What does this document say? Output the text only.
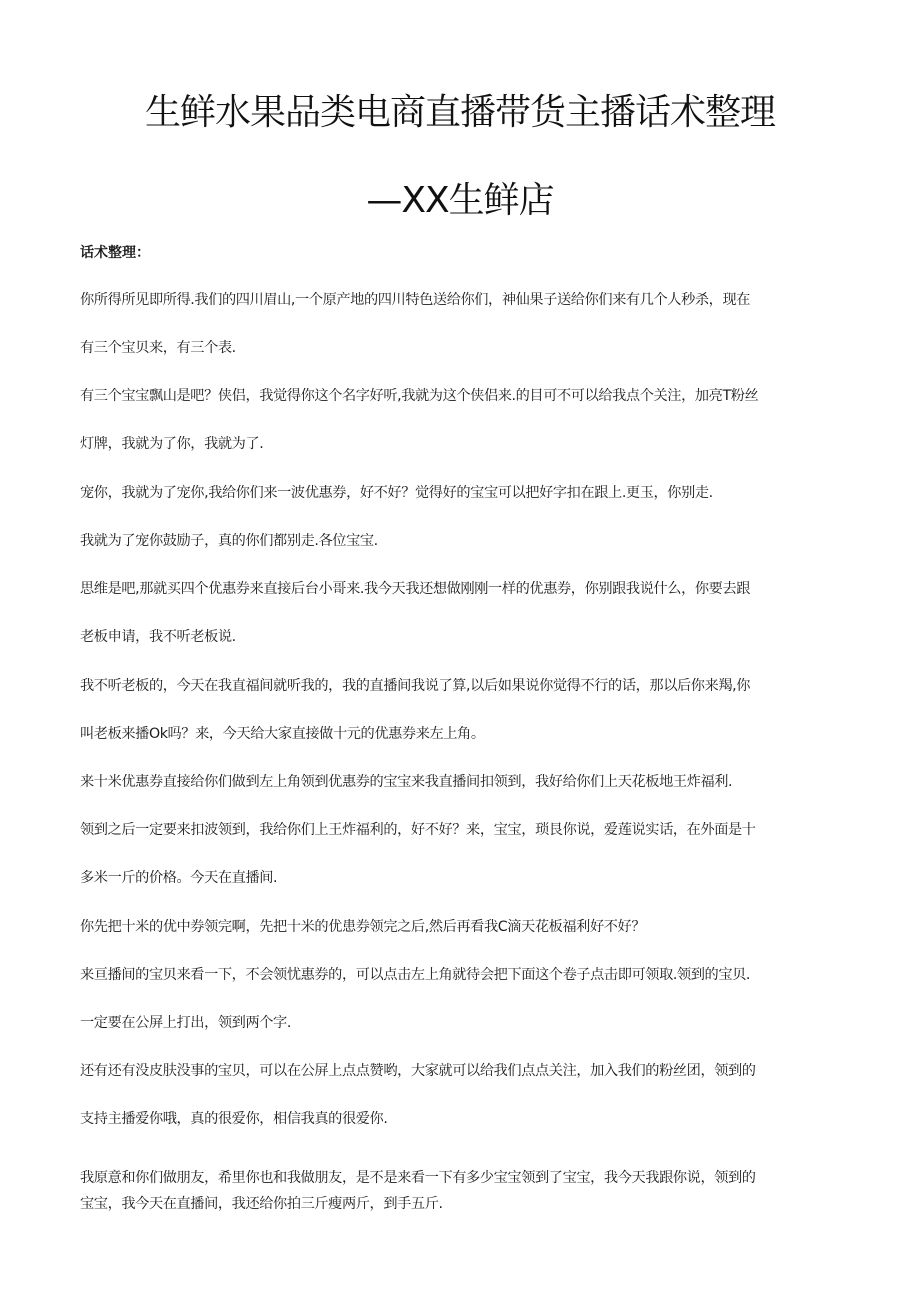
生鲜水果品类电商直播带货主播话术整理
—XX生鲜店

话术整理：

你所得所见即所得.我们的四川眉山,一个原产地的四川特色送给你们，神仙果子送给你们来有几个人秒杀，现在
有三个宝贝来，有三个表.

有三个宝宝飘山是吧？侠侣，我觉得你这个名字好听,我就为这个侠侣来.的目可不可以给我点个关注，加亮T粉丝
灯牌，我就为了你，我就为了.

宠你，我就为了宠你,我给你们来一波优惠券，好不好？觉得好的宝宝可以把好字扣在跟上.更玉，你别走.

我就为了宠你鼓励子，真的你们都别走.各位宝宝.

思维是吧,那就买四个优惠券来直接后台小哥来.我今天我还想做刚刚一样的优惠券，你别跟我说什么，你要去跟
老板申请，我不听老板说.

我不听老板的，今天在我直福间就听我的，我的直播间我说了算,以后如果说你觉得不行的话，那以后你来羯,你
叫老板来播Ok吗？来，今天给大家直接做十元的优惠券来左上角。

来十米优惠券直接给你们做到左上角领到优惠券的宝宝来我直播间扣领到，我好给你们上天花板地王炸福利.

领到之后一定要来扣波领到，我给你们上王炸福利的，好不好？来，宝宝，琐艮你说，爱莲说实话，在外面是十
多米一斤的价格。今天在直播间.

你先把十米的优中券领完啊，先把十米的优患券领完之后,然后再看我C滴天花板福利好不好？

来亘播间的宝贝来看一下，不会领忧惠券的，可以点击左上角就待会把下面这个卷子点击即可领取.领到的宝贝.

一定要在公屏上打出，领到两个字.

还有还有没皮肤没事的宝贝，可以在公屏上点点赞哟，大家就可以给我们点点关注，加入我们的粉丝团，领到的
支持主播爱你哦，真的很爱你，相信我真的很爱你.

我原意和你们做朋友，希里你也和我做朋友，是不是来看一下有多少宝宝领到了宝宝，我今天我跟你说，领到的
宝宝，我今天在直播间，我还给你拍三斤瘦两斤，到手五斤.
